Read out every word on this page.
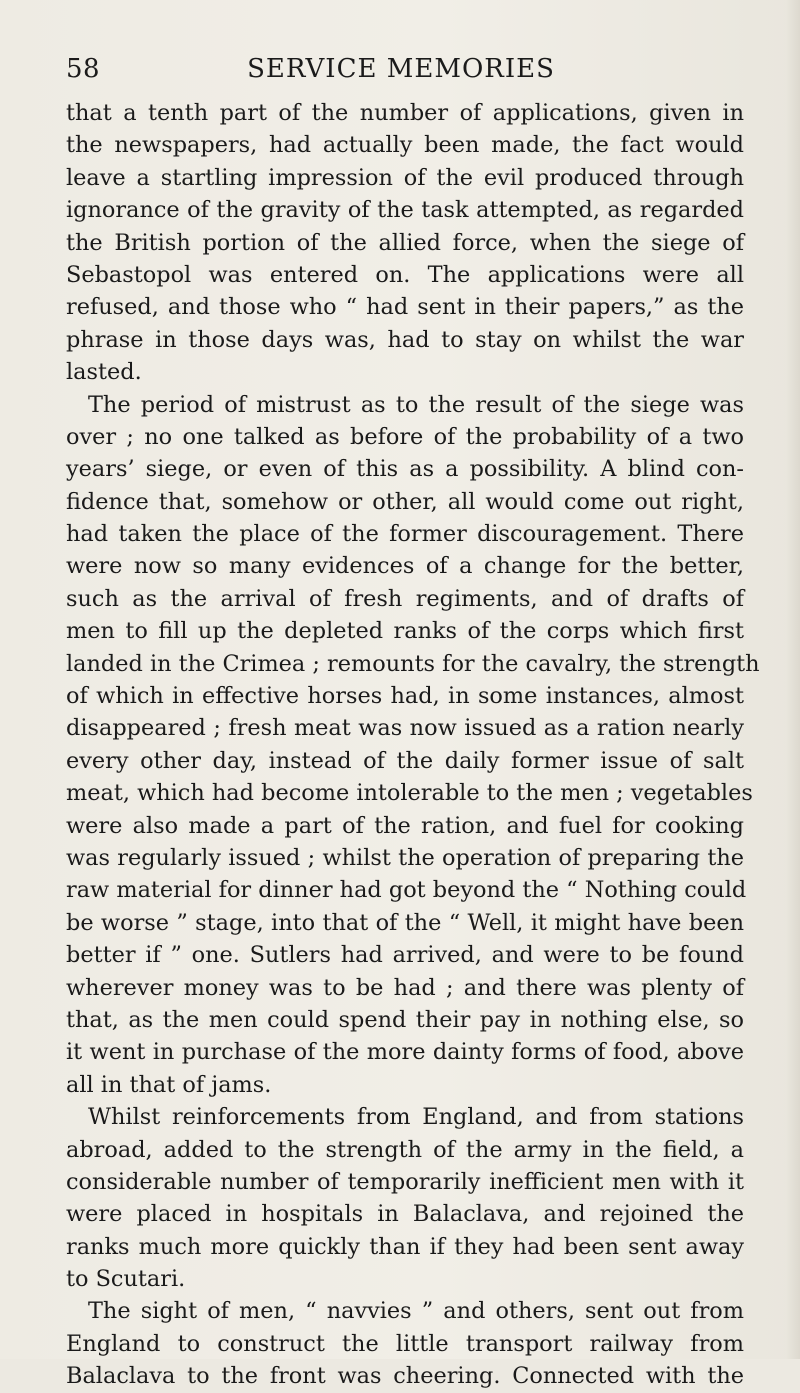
58	SERVICE MEMORIES
that a tenth part of the number of applications, given in
the newspapers, had actually been made, the fact would
leave a startling impression of the evil produced through
ignorance of the gravity of the task attempted, as regarded
the British portion of the allied force, when the siege of
Sebastopol was entered on. The applications were all
refused, and those who “ had sent in their papers,” as the
phrase in those days was, had to stay on whilst the war
lasted.
The period of mistrust as to the result of the siege was
over ; no one talked as before of the probability of a two
years’ siege, or even of this as a possibility. A blind con-
fidence that, somehow or other, all would come out right,
had taken the place of the former discouragement. There
were now so many evidences of a change for the better,
such as the arrival of fresh regiments, and of drafts of
men to fill up the depleted ranks of the corps which first
landed in the Crimea ; remounts for the cavalry, the strength
of which in effective horses had, in some instances, almost
disappeared ; fresh meat was now issued as a ration nearly
every other day, instead of the daily former issue of salt
meat, which had become intolerable to the men ; vegetables
were also made a part of the ration, and fuel for cooking
was regularly issued ; whilst the operation of preparing the
raw material for dinner had got beyond the “ Nothing could
be worse ” stage, into that of the “ Well, it might have been
better if ” one. Sutlers had arrived, and were to be found
wherever money was to be had ; and there was plenty of
that, as the men could spend their pay in nothing else, so
it went in purchase of the more dainty forms of food, above
all in that of jams.
Whilst reinforcements from England, and from stations
abroad, added to the strength of the army in the field, a
considerable number of temporarily inefficient men with it
were placed in hospitals in Balaclava, and rejoined the
ranks much more quickly than if they had been sent away
to Scutari.
The sight of men, “ navvies ” and others, sent out from
England to construct the little transport railway from
Balaclava to the front was cheering. Connected with the
